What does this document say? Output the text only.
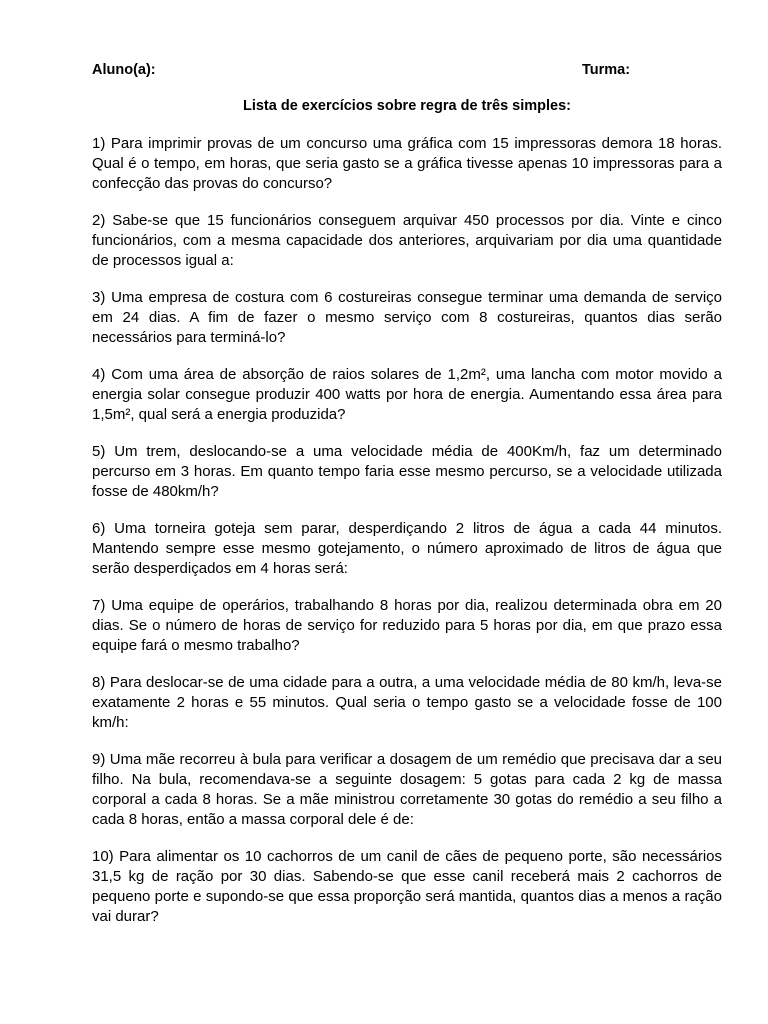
Aluno(a):	Turma:
Lista de exercícios sobre regra de três simples:

1) Para imprimir provas de um concurso uma gráfica com 15 impressoras demora 18 horas. Qual é o tempo, em horas, que seria gasto se a gráfica tivesse apenas 10 impressoras para a confecção das provas do concurso?

2) Sabe-se que 15 funcionários conseguem arquivar 450 processos por dia. Vinte e cinco funcionários, com a mesma capacidade dos anteriores, arquivariam por dia uma quantidade de processos igual a:

3) Uma empresa de costura com 6 costureiras consegue terminar uma demanda de serviço em 24 dias. A fim de fazer o mesmo serviço com 8 costureiras, quantos dias serão necessários para terminá-lo?

4) Com uma área de absorção de raios solares de 1,2m², uma lancha com motor movido a energia solar consegue produzir 400 watts por hora de energia. Aumentando essa área para 1,5m², qual será a energia produzida?

5) Um trem, deslocando-se a uma velocidade média de 400Km/h, faz um determinado percurso em 3 horas. Em quanto tempo faria esse mesmo percurso, se a velocidade utilizada fosse de 480km/h?

6) Uma torneira goteja sem parar, desperdiçando 2 litros de água a cada 44 minutos. Mantendo sempre esse mesmo gotejamento, o número aproximado de litros de água que serão desperdiçados em 4 horas será:

7) Uma equipe de operários, trabalhando 8 horas por dia, realizou determinada obra em 20 dias. Se o número de horas de serviço for reduzido para 5 horas por dia, em que prazo essa equipe fará o mesmo trabalho?

8) Para deslocar-se de uma cidade para a outra, a uma velocidade média de 80 km/h, leva-se exatamente 2 horas e 55 minutos. Qual seria o tempo gasto se a velocidade fosse de 100 km/h:

9) Uma mãe recorreu à bula para verificar a dosagem de um remédio que precisava dar a seu filho. Na bula, recomendava-se a seguinte dosagem: 5 gotas para cada 2 kg de massa corporal a cada 8 horas. Se a mãe ministrou corretamente 30 gotas do remédio a seu filho a cada 8 horas, então a massa corporal dele é de:

10) Para alimentar os 10 cachorros de um canil de cães de pequeno porte, são necessários 31,5 kg de ração por 30 dias. Sabendo-se que esse canil receberá mais 2 cachorros de pequeno porte e supondo-se que essa proporção será mantida, quantos dias a menos a ração vai durar?
